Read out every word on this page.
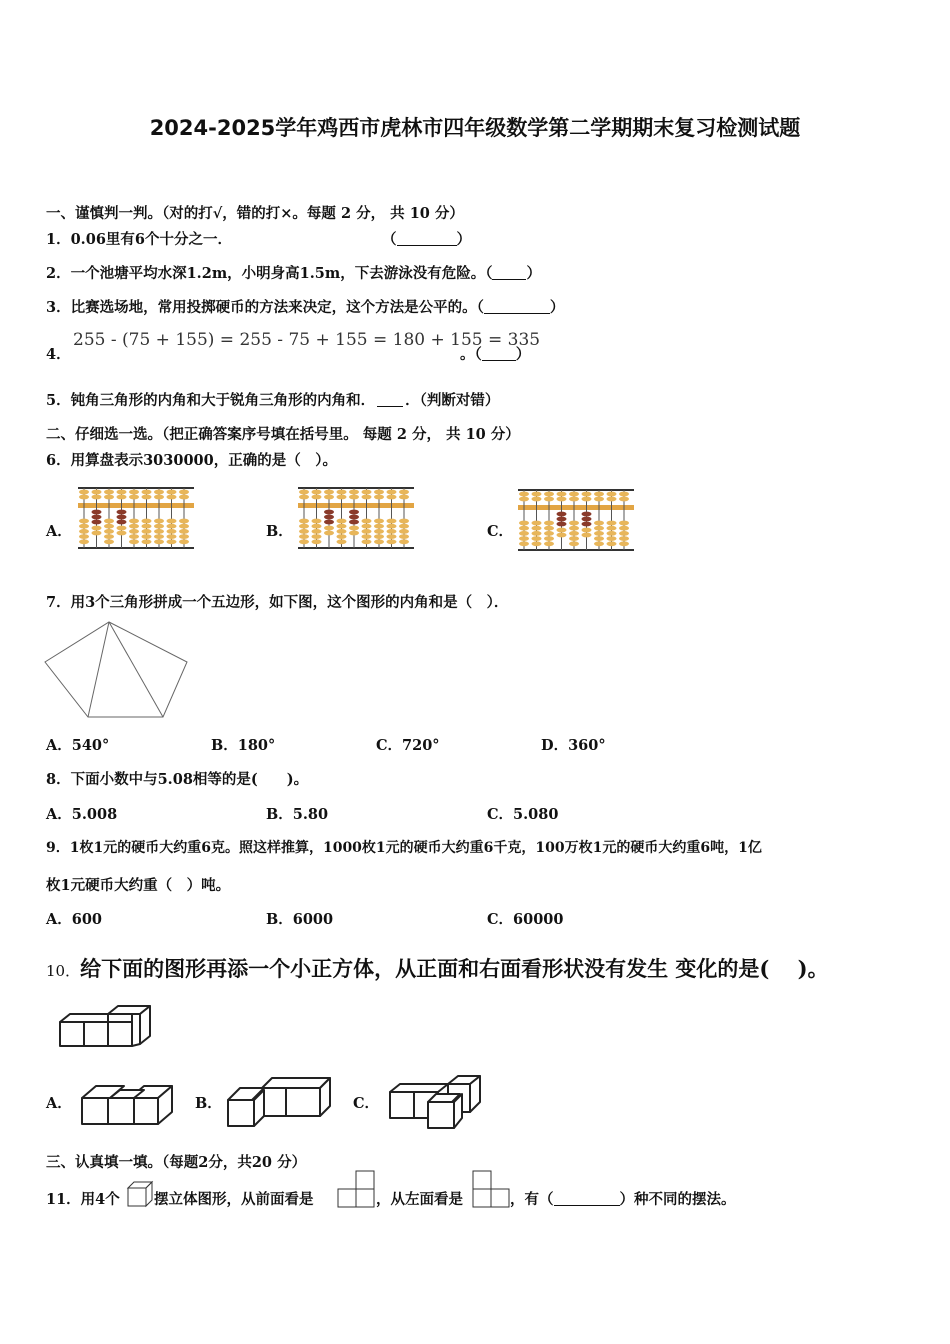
2024-2025学年鸡西市虎林市四年级数学第二学期期末复习检测试题
一、谨慎判一判。（对的打√，错的打×。每题 2 分， 共 10 分）
1．0.06里有6个十分之一．	（	）
2．一个池塘平均水深1.2m，小明身高1.5m，下去游泳没有危险。（ ）
3．比赛选场地，常用投掷硬币的方法来决定，这个方法是公平的。（	）
4．
255 - (75 + 155) = 255 - 75 + 155 = 180 + 155 = 335
。（ ）
5．钝角三角形的内角和大于锐角三角形的内角和． ．（判断对错）
二、仔细选一选。（把正确答案序号填在括号里。 每题 2 分， 共 10 分）
6．用算盘表示3030000，正确的是（　）。
A．	B．	C．
7．用3个三角形拼成一个五边形，如下图，这个图形的内角和是（　）．
A．540°	B．180°	C．720°	D．360°
8．下面小数中与5.08相等的是(　　)。
A．5.008	B．5.80	C．5.080
9．1枚1元的硬币大约重6克。照这样推算，1000枚1元的硬币大约重6千克，100万枚1元的硬币大约重6吨，1亿
枚1元硬币大约重（　）吨。
A．600	B．6000	C．60000
10．给下面的图形再添一个小正方体，从正面和右面看形状没有发生 变化的是(　 )。
A．	B．	C．
三、认真填一填。（每题2分，共20 分）
11．用4个 摆立体图形，从前面看是	，从左面看是	，有（	）种不同的摆法。
